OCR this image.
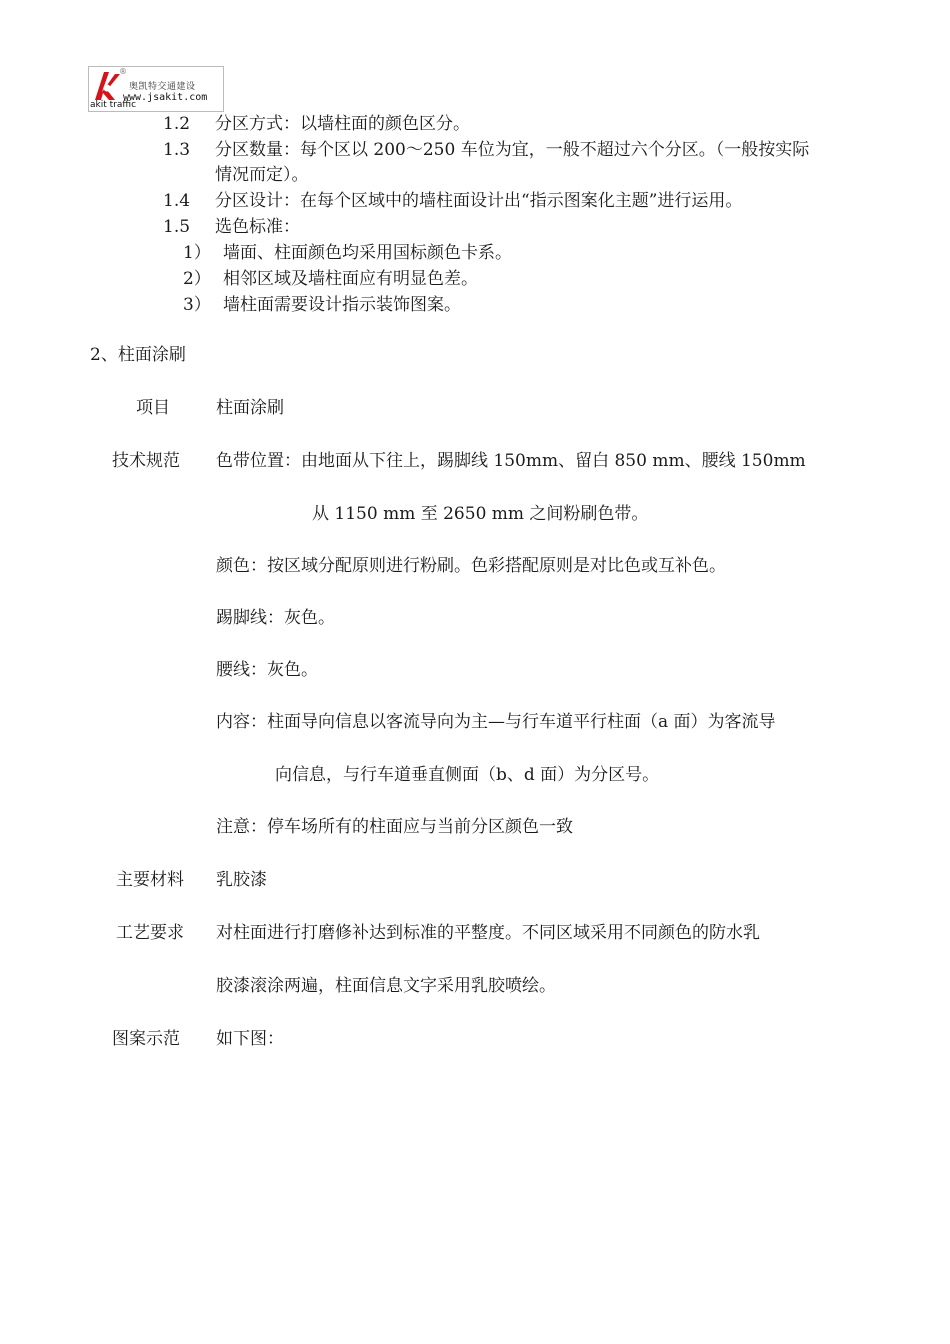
®
奥凯特交通建设
www.jsakit.com
akit traffic
1.2 分区方式：以墙柱面的颜色区分。
1.3 分区数量：每个区以 200～250 车位为宜，一般不超过六个分区。（一般按实际
情况而定）。
1.4 分区设计：在每个区域中的墙柱面设计出“指示图案化主题”进行运用。
1.5 选色标准：
1） 墙面、柱面颜色均采用国标颜色卡系。
2） 相邻区域及墙柱面应有明显色差。
3） 墙柱面需要设计指示装饰图案。
2、柱面涂刷
项目	柱面涂刷
技术规范 色带位置：由地面从下往上，踢脚线 150mm、留白 850 mm、腰线 150mm
从 1150 mm 至 2650 mm 之间粉刷色带。
颜色：按区域分配原则进行粉刷。色彩搭配原则是对比色或互补色。
踢脚线：灰色。
腰线：灰色。
内容：柱面导向信息以客流导向为主—与行车道平行柱面（a 面）为客流导
向信息，与行车道垂直侧面（b、d 面）为分区号。
注意：停车场所有的柱面应与当前分区颜色一致
主要材料 乳胶漆
工艺要求 对柱面进行打磨修补达到标准的平整度。不同区域采用不同颜色的防水乳
胶漆滚涂两遍，柱面信息文字采用乳胶喷绘。
图案示范 如下图：
